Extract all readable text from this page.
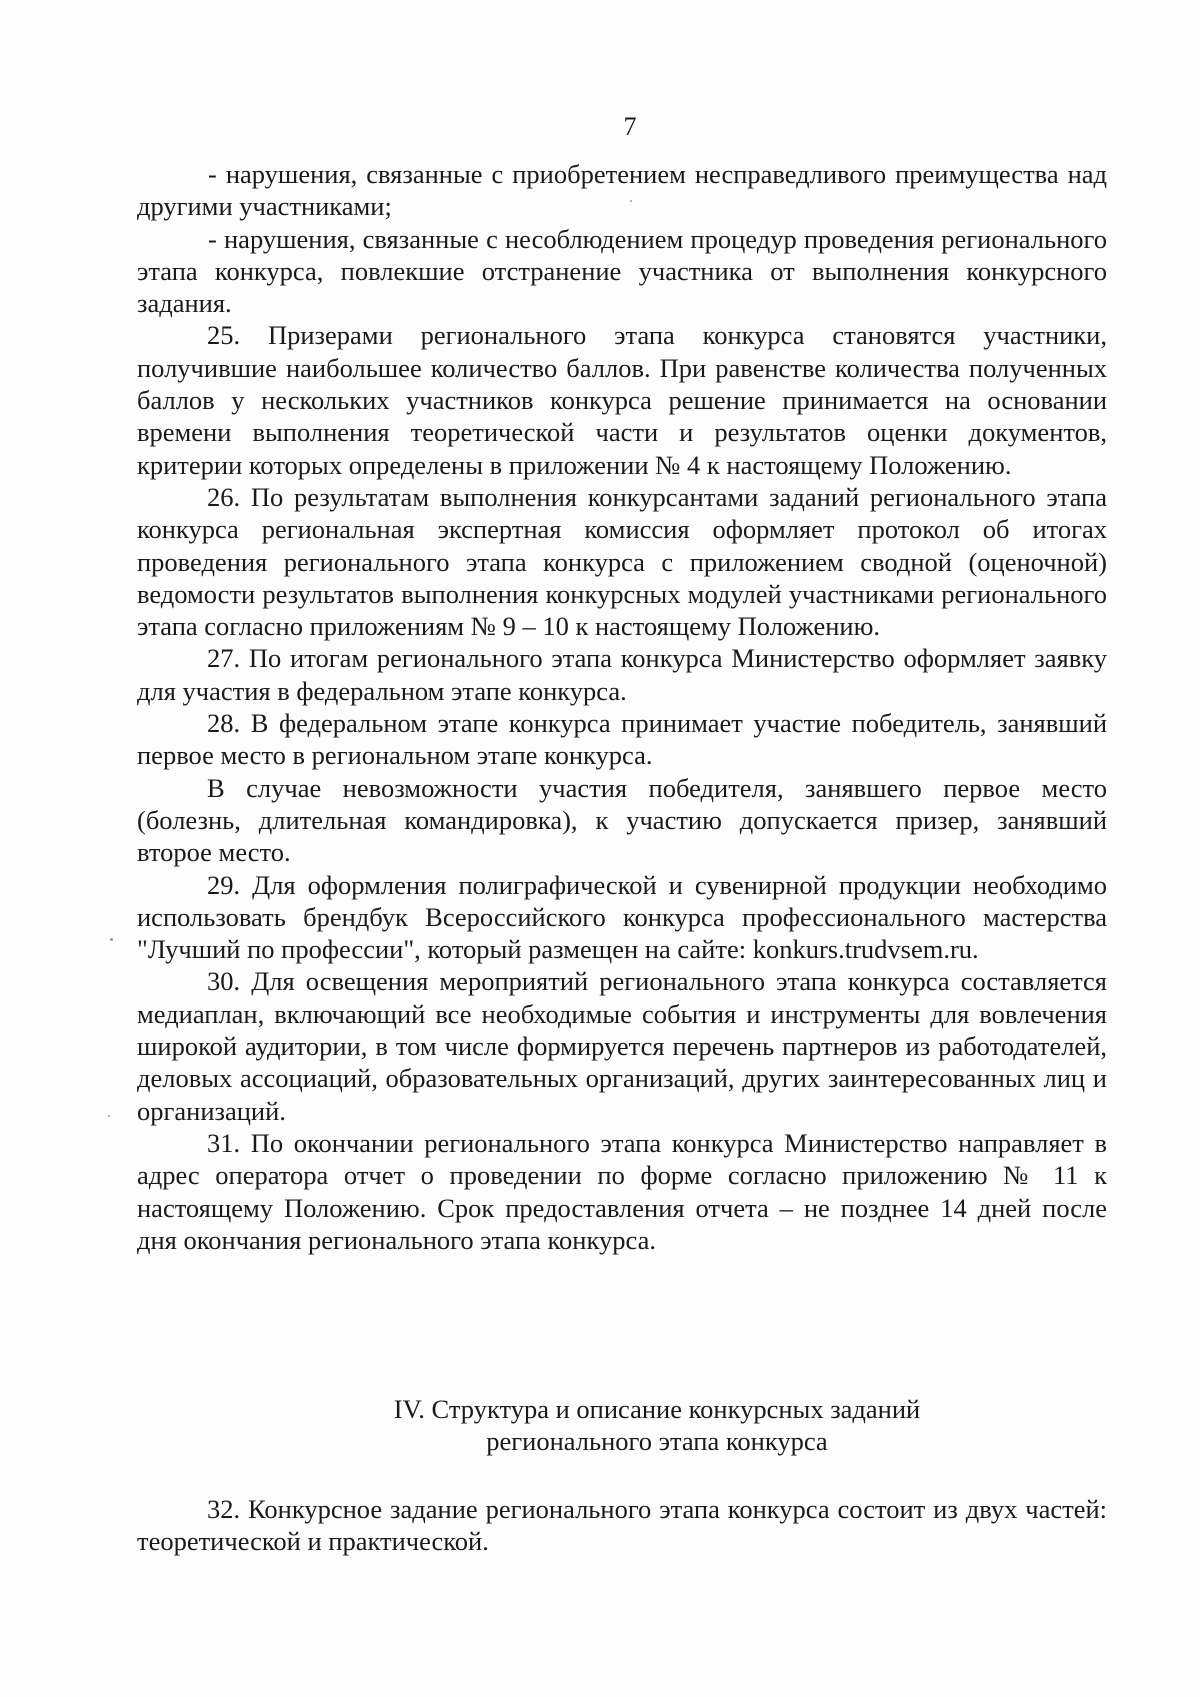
7

- нарушения, связанные с приобретением несправедливого преимущества над другими участниками;

- нарушения, связанные с несоблюдением процедур проведения регионального этапа конкурса, повлекшие отстранение участника от выполнения конкурсного задания.

25. Призерами регионального этапа конкурса становятся участники, получившие наибольшее количество баллов. При равенстве количества полученных баллов у нескольких участников конкурса решение принимается на основании времени выполнения теоретической части и результатов оценки документов, критерии которых определены в приложении № 4 к настоящему Положению.

26. По результатам выполнения конкурсантами заданий регионального этапа конкурса региональная экспертная комиссия оформляет протокол об итогах проведения регионального этапа конкурса с приложением сводной (оценочной) ведомости результатов выполнения конкурсных модулей участниками регионального этапа согласно приложениям № 9 – 10 к настоящему Положению.

27. По итогам регионального этапа конкурса Министерство оформляет заявку для участия в федеральном этапе конкурса.

28. В федеральном этапе конкурса принимает участие победитель, занявший первое место в региональном этапе конкурса.

В случае невозможности участия победителя, занявшего первое место (болезнь, длительная командировка), к участию допускается призер, занявший второе место.

29. Для оформления полиграфической и сувенирной продукции необходимо использовать брендбук Всероссийского конкурса профессионального мастерства "Лучший по профессии", который размещен на сайте: konkurs.trudvsem.ru.

30. Для освещения мероприятий регионального этапа конкурса составляется медиаплан, включающий все необходимые события и инструменты для вовлечения широкой аудитории, в том числе формируется перечень партнеров из работодателей, деловых ассоциаций, образовательных организаций, других заинтересованных лиц и организаций.

31. По окончании регионального этапа конкурса Министерство направляет в адрес оператора отчет о проведении по форме согласно приложению № 11 к настоящему Положению. Срок предоставления отчета – не позднее 14 дней после дня окончания регионального этапа конкурса.

IV. Структура и описание конкурсных заданий
регионального этапа конкурса

32. Конкурсное задание регионального этапа конкурса состоит из двух частей: теоретической и практической.
